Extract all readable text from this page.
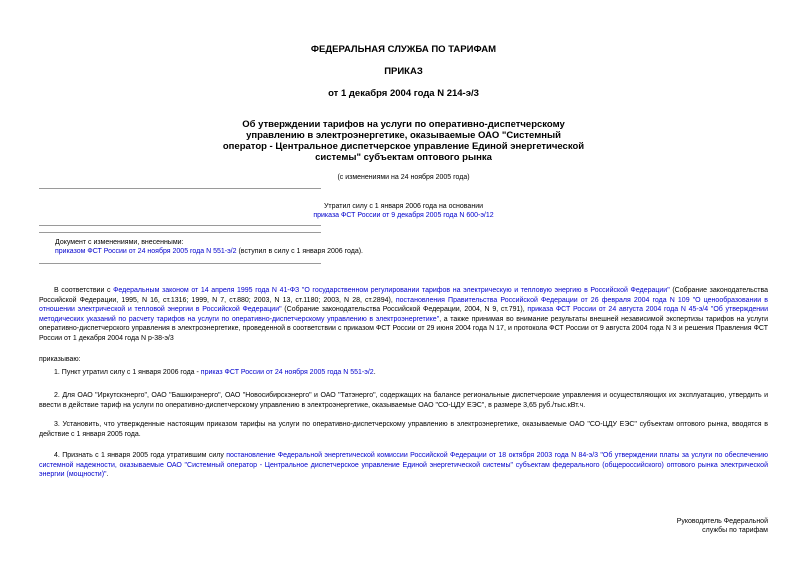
ФЕДЕРАЛЬНАЯ СЛУЖБА ПО ТАРИФАМ
ПРИКАЗ
от 1 декабря 2004 года N 214-э/3
Об утверждении тарифов на услуги по оперативно-диспетчерскому
управлению в электроэнергетике, оказываемые ОАО "Системный
оператор - Центральное диспетчерское управление Единой энергетической
системы" субъектам оптового рынка
(с изменениями на 24 ноября 2005 года)
Утратил силу с 1 января 2006 года на основании
приказа ФСТ России от 9 декабря 2005 года N 600-э/12
Документ с изменениями, внесенными:
приказом ФСТ России от 24 ноября 2005 года N 551-э/2 (вступил в силу с 1 января 2006 года).
В соответствии с Федеральным законом от 14 апреля 1995 года N 41-ФЗ "О государственном регулировании тарифов на электрическую и тепловую энергию в Российской Федерации" (Собрание законодательства Российской Федерации, 1995, N 16, ст.1316; 1999, N 7, ст.880; 2003, N 13, ст.1180; 2003, N 28, ст.2894), постановления Правительства Российской Федерации от 26 февраля 2004 года N 109 "О ценообразовании в отношении электрической и тепловой энергии в Российской Федерации" (Собрание законодательства Российской Федерации, 2004, N 9, ст.791), приказа ФСТ России от 24 августа 2004 года N 45-э/4 "Об утверждении методических указаний по расчету тарифов на услуги по оперативно-диспетчерскому управлению в электроэнергетике", а также принимая во внимание результаты внешней независимой экспертизы тарифов на услуги оперативно-диспетчерского управления в электроэнергетике, проведенной в соответствии с приказом ФСТ России от 29 июня 2004 года N 17, и протокола ФСТ России от 9 августа 2004 года N 3 и решения Правления ФСТ России от 1 декабря 2004 года N р-38-э/3
приказываю:
1. Пункт утратил силу с 1 января 2006 года - приказ ФСТ России от 24 ноября 2005 года N 551-э/2.
2. Для ОАО "Иркутскэнерго", ОАО "Башкирэнерго", ОАО "Новосибирскэнерго" и ОАО "Татэнерго", содержащих на балансе региональные диспетчерские управления и осуществляющих их эксплуатацию, утвердить и ввести в действие тариф на услуги по оперативно-диспетчерскому управлению в электроэнергетике, оказываемые ОАО "СО-ЦДУ ЕЭС", в размере 3,65 руб./тыс.кВт.ч.
3. Установить, что утвержденные настоящим приказом тарифы на услуги по оперативно-диспетчерскому управлению в электроэнергетике, оказываемые ОАО "СО-ЦДУ ЕЭС" субъектам оптового рынка, вводятся в действие с 1 января 2005 года.
4. Признать с 1 января 2005 года утратившим силу постановление Федеральной энергетической комиссии Российской Федерации от 18 октября 2003 года N 84-э/3 "Об утверждении платы за услуги по обеспечению системной надежности, оказываемые ОАО "Системный оператор - Центральное диспетчерское управление Единой энергетической системы" субъектам федерального (общероссийского) оптового рынка электрической энергии (мощности)".
Руководитель Федеральной
службы по тарифам
